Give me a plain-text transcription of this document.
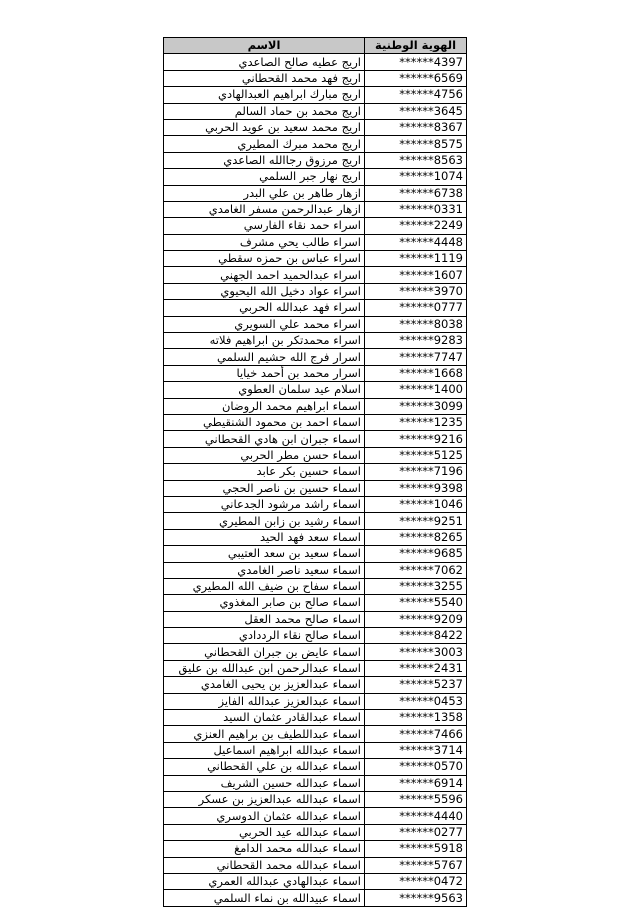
الهوية الوطنية	الاسم
******4397	اريج عطيه صالح الصاعدي
******6569	اريج فهد محمد القحطاني
******4756	اريج مبارك ابراهيم العبدالهادي
******3645	اريج محمد بن حماد السالم
******8367	اريج محمد سعيد بن عويد الحربي
******8575	اريج محمد مبرك المطيري
******8563	اريج مرزوق رجاالله الصاعدي
******1074	اريج نهار جبر السلمي
******6738	ازهار طاهر بن علي البدر
******0331	ازهار عبدالرحمن مسفر الغامدي
******2249	اسراء حمد نقاء الفارسي
******4448	اسراء طالب يحي مشرف
******1119	اسراء عباس بن حمزه سقطي
******1607	اسراء عبدالحميد احمد الجهني
******3970	اسراء عواد دخيل الله اليحيوي
******0777	اسراء فهد عبدالله الحربي
******8038	اسراء محمد علي السويري
******9283	اسراء محمدتكر بن ابراهيم فلاته
******7747	اسرار فرج الله حشيم السلمي
******1668	اسرار محمد بن أحمد خيايا
******1400	اسلام عيد سلمان العطوي
******3099	اسماء ابراهيم محمد الروضان
******1235	اسماء احمد بن محمود الشنقيطي
******9216	اسماء جبران ابن هادي القحطاني
******5125	اسماء حسن مطر الحربي
******7196	اسماء حسين بكر عابد
******9398	اسماء حسين بن ناصر الحجي
******1046	اسماء راشد مرشود الجدعاني
******9251	اسماء رشيد بن زابن المطيري
******8265	اسماء سعد فهد الحيد
******9685	اسماء سعيد بن سعد العتيبي
******7062	اسماء سعيد ناصر الغامدي
******3255	اسماء سفاح بن ضيف الله المطيري
******5540	اسماء صالح بن صابر المغذوي
******9209	اسماء صالح محمد العقل
******8422	اسماء صالح نقاء الرددادي
******3003	اسماء عايض بن جبران القحطاني
******2431	اسماء عبدالرحمن ابن عبدالله بن عليق
******5237	اسماء عبدالعزيز بن يحيى الغامدي
******0453	اسماء عبدالعزيز عبدالله الفايز
******1358	اسماء عبدالقادر عثمان السيد
******7466	اسماء عبداللطيف بن براهيم العنزي
******3714	اسماء عبدالله ابراهيم اسماعيل
******0570	اسماء عبدالله بن علي القحطاني
******6914	اسماء عبدالله حسين الشريف
******5596	اسماء عبدالله عبدالعزيز بن عسكر
******4440	اسماء عبدالله عثمان الدوسري
******0277	اسماء عبدالله عيد الحربي
******5918	اسماء عبدالله محمد الدامغ
******5767	اسماء عبدالله محمد القحطاني
******0472	اسماء عبدالهادي عبدالله العمري
******9563	اسماء عبيدالله بن نماء السلمي
